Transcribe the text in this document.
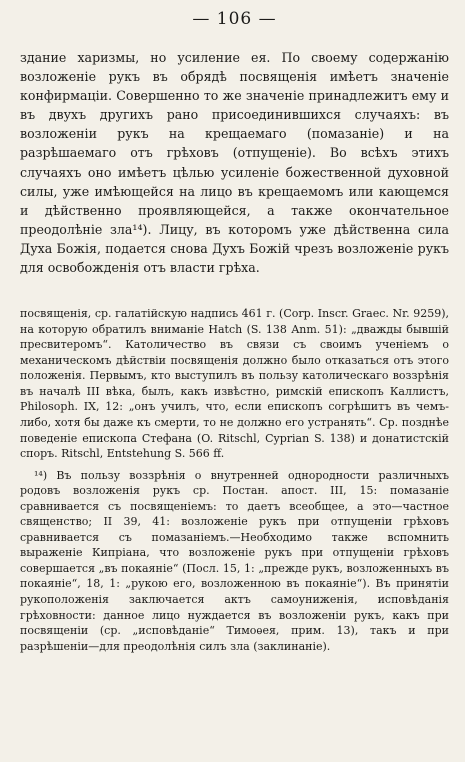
— 106 —

здание харизмы, но усиление ея. По своему содержанію возложеніе рукъ въ обрядѣ посвященія имѣетъ значеніе конфирмаціи. Совершенно то же значеніе принадлежитъ ему и въ двухъ другихъ рано присоединившихся случаяхъ: въ возложеніи рукъ на крещаемаго (помазаніе) и на разрѣшаемаго отъ грѣховъ (отпущеніе). Во всѣхъ этихъ случаяхъ оно имѣетъ цѣлью усиленіе божественной духовной силы, уже имѣющейся на лицо въ крещаемомъ или кающемся и дѣйственно проявляющейся, а также окончательное преодолѣніе зла¹⁴). Лицу, въ которомъ уже дѣйственна сила Духа Божія, подается снова Духъ Божій чрезъ возложеніе рукъ для освобожденія отъ власти грѣха.

посвященія, ср. галатійскую надпись 461 г. (Corp. Inscr. Graec. Nr. 9259), на которую обратилъ вниманіе Hatch (S. 138 Anm. 51): „дважды бывшій пресвитеромъ“. Католичество въ связи съ своимъ ученіемъ о механическомъ дѣйствіи посвященія должно было отказаться отъ этого положенія. Первымъ, кто выступилъ въ пользу католическаго воззрѣнія въ началѣ III вѣка, былъ, какъ извѣстно, римскій епископъ Каллистъ, Philosoph. IX, 12: „онъ училъ, что, если епископъ согрѣшитъ въ чемъ-либо, хотя бы даже къ смерти, то не должно его устранять“. Ср. позднѣе поведеніе епископа Стефана (O. Ritschl, Cyprian S. 138) и донатистскій споръ. Ritschl, Entstehung S. 566 ff.

¹⁴) Въ пользу воззрѣнія о внутренней однородности различныхъ родовъ возложенія рукъ ср. Постан. апост. III, 15: помазаніе сравнивается съ посвященіемъ: то даетъ всеобщее, а это—частное священство; II 39, 41: возложеніе рукъ при отпущеніи грѣховъ сравнивается съ помазаніемъ.—Необходимо также вспомнить выраженіе Кипріана, что возложеніе рукъ при отпущеніи грѣховъ совершается „въ покаяніе“ (Посл. 15, 1: „прежде рукъ, возложенныхъ въ покаяніе“, 18, 1: „рукою его, возложенною въ покаяніе“). Въ принятіи рукоположенія заключается актъ самоуниженія, исповѣданія грѣховности: данное лицо нуждается въ возложеніи рукъ, какъ при посвященіи (ср. „исповѣданіе“ Тимоѳея, прим. 13), такъ и при разрѣшеніи—для преодолѣнія силъ зла (заклинаніе).
